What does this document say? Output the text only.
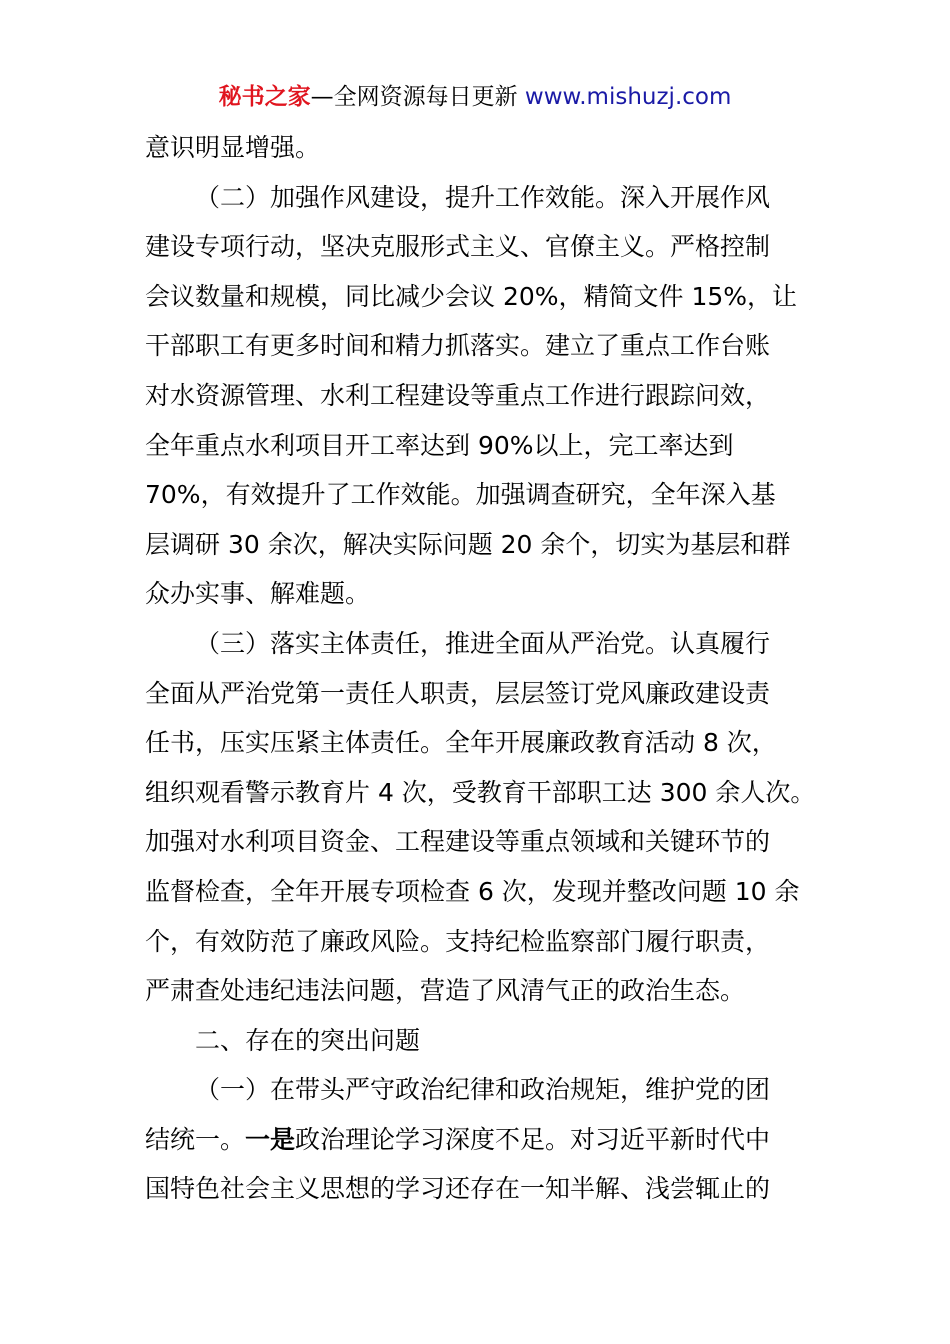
秘书之家—全网资源每日更新 www.mishuzj.com
意识明显增强。
（二）加强作风建设，提升工作效能。深入开展作风
建设专项行动，坚决克服形式主义、官僚主义。严格控制
会议数量和规模，同比减少会议 20%，精简文件 15%，让
干部职工有更多时间和精力抓落实。建立了重点工作台账
对水资源管理、水利工程建设等重点工作进行跟踪问效，
全年重点水利项目开工率达到 90%以上，完工率达到
70%，有效提升了工作效能。加强调查研究，全年深入基
层调研 30 余次，解决实际问题 20 余个，切实为基层和群
众办实事、解难题。
（三）落实主体责任，推进全面从严治党。认真履行
全面从严治党第一责任人职责，层层签订党风廉政建设责
任书，压实压紧主体责任。全年开展廉政教育活动 8 次，
组织观看警示教育片 4 次，受教育干部职工达 300 余人次。
加强对水利项目资金、工程建设等重点领域和关键环节的
监督检查，全年开展专项检查 6 次，发现并整改问题 10 余
个，有效防范了廉政风险。支持纪检监察部门履行职责，
严肃查处违纪违法问题，营造了风清气正的政治生态。
二、存在的突出问题
（一）在带头严守政治纪律和政治规矩，维护党的团
结统一。一是政治理论学习深度不足。对习近平新时代中
国特色社会主义思想的学习还存在一知半解、浅尝辄止的
